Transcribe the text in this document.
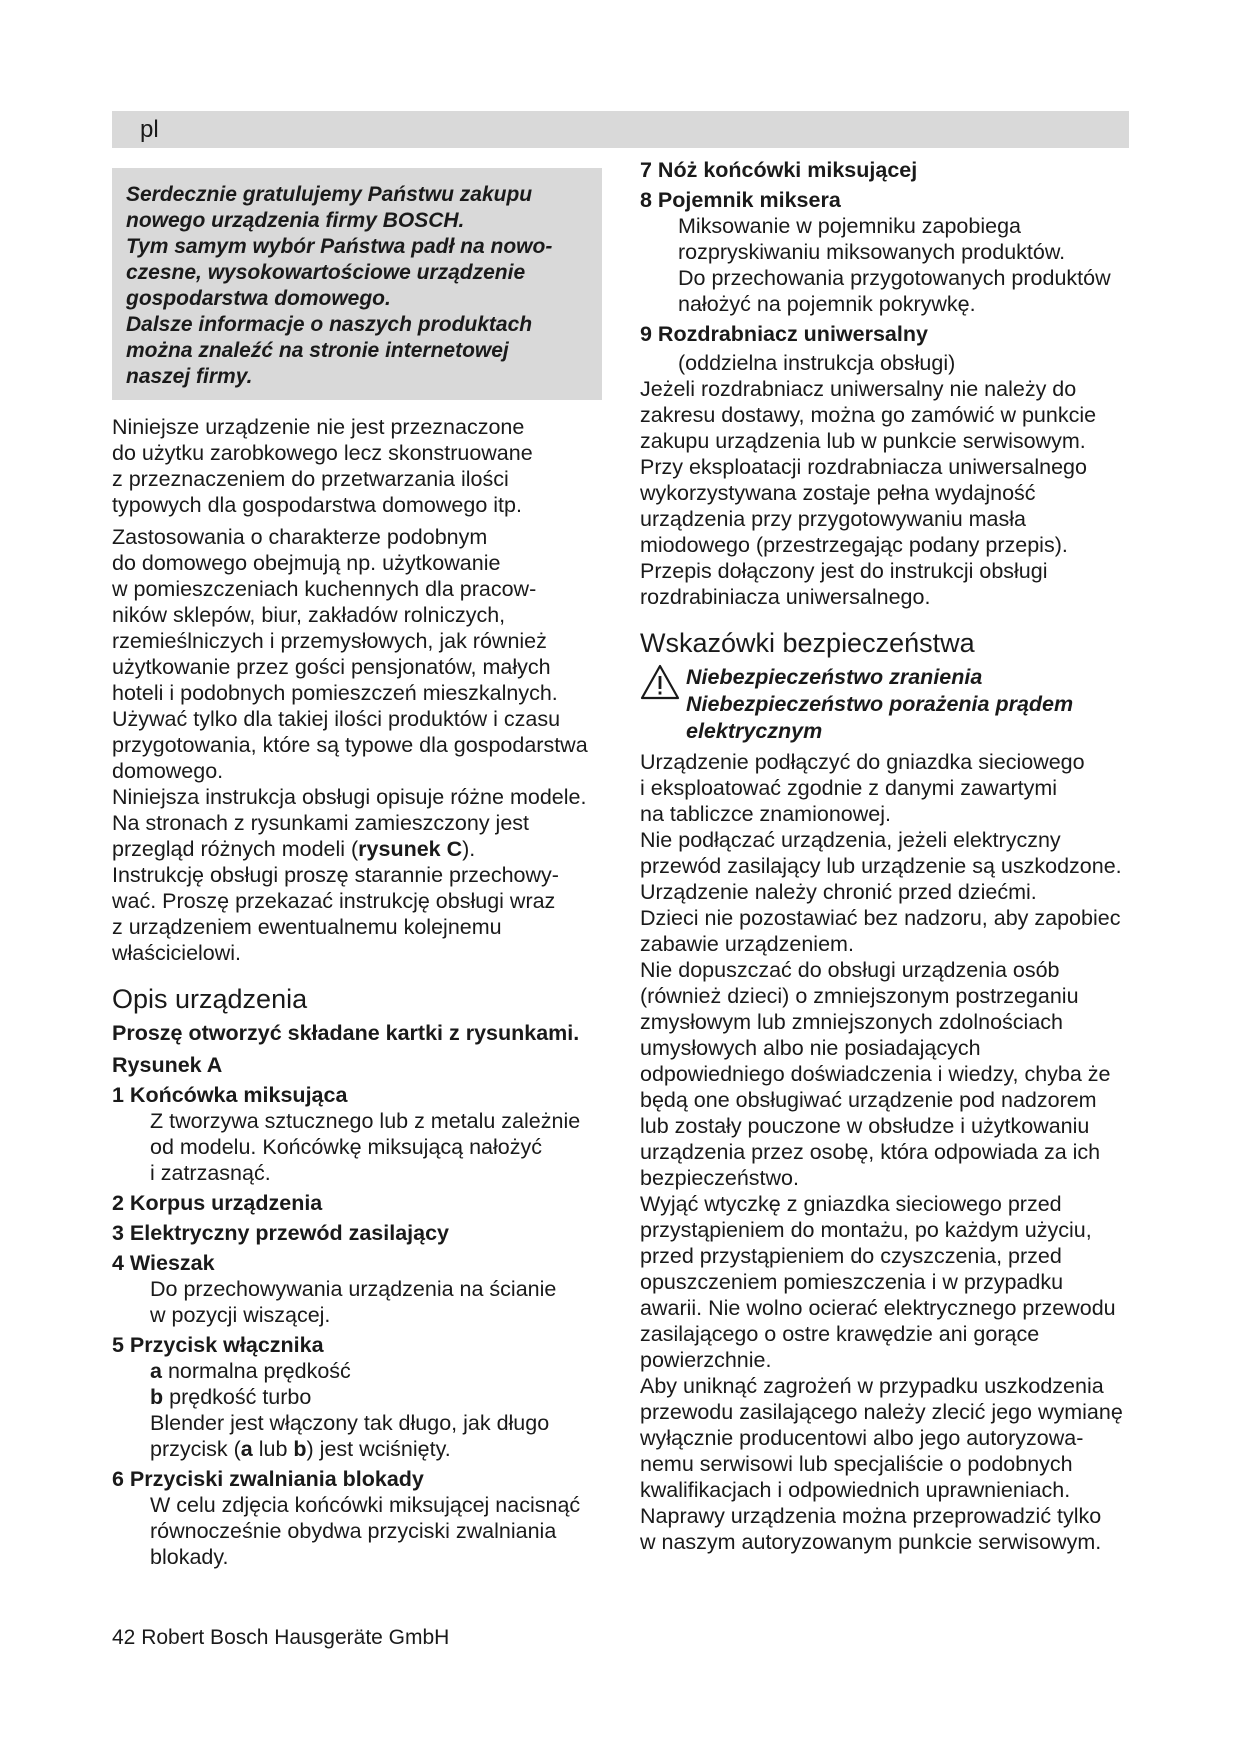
pl
Serdecznie gratulujemy Państwu zakupu
nowego urządzenia firmy BOSCH.
Tym samym wybór Państwa padł na nowo-
czesne, wysokowartościowe urządzenie
gospodarstwa domowego.
Dalsze informacje o naszych produktach
można znaleźć na stronie internetowej
naszej firmy.
Niniejsze urządzenie nie jest przeznaczone
do użytku zarobkowego lecz skonstruowane
z przeznaczeniem do przetwarzania ilości
typowych dla gospodarstwa domowego itp.
Zastosowania o charakterze podobnym
do domowego obejmują np. użytkowanie
w pomieszczeniach kuchennych dla pracow-
ników sklepów, biur, zakładów rolniczych,
rzemieślniczych i przemysłowych, jak również
użytkowanie przez gości pensjonatów, małych
hoteli i podobnych pomieszczeń mieszkalnych.
Używać tylko dla takiej ilości produktów i czasu
przygotowania, które są typowe dla gospodarstwa
domowego.
Niniejsza instrukcja obsługi opisuje różne modele.
Na stronach z rysunkami zamieszczony jest
przegląd różnych modeli (rysunek C).
Instrukcję obsługi proszę starannie przechowy-
wać. Proszę przekazać instrukcję obsługi wraz
z urządzeniem ewentualnemu kolejnemu
właścicielowi.
Opis urządzenia
Proszę otworzyć składane kartki z rysunkami.
Rysunek A
1 Końcówka miksująca
Z tworzywa sztucznego lub z metalu zależnie
od modelu. Końcówkę miksującą nałożyć
i zatrzasnąć.
2 Korpus urządzenia
3 Elektryczny przewód zasilający
4 Wieszak
Do przechowywania urządzenia na ścianie
w pozycji wiszącej.
5 Przycisk włącznika
a normalna prędkość
b prędkość turbo
Blender jest włączony tak długo, jak długo
przycisk (a lub b) jest wciśnięty.
6 Przyciski zwalniania blokady
W celu zdjęcia końcówki miksującej nacisnąć
równocześnie obydwa przyciski zwalniania
blokady.
7 Nóż końcówki miksującej
8 Pojemnik miksera
Miksowanie w pojemniku zapobiega
rozpryskiwaniu miksowanych produktów.
Do przechowania przygotowanych produktów
nałożyć na pojemnik pokrywkę.
9 Rozdrabniacz uniwersalny
(oddzielna instrukcja obsługi)
Jeżeli rozdrabniacz uniwersalny nie należy do
zakresu dostawy, można go zamówić w punkcie
zakupu urządzenia lub w punkcie serwisowym.
Przy eksploatacji rozdrabniacza uniwersalnego
wykorzystywana zostaje pełna wydajność
urządzenia przy przygotowywaniu masła
miodowego (przestrzegając podany przepis).
Przepis dołączony jest do instrukcji obsługi
rozdrabiniacza uniwersalnego.
Wskazówki bezpieczeństwa
Niebezpieczeństwo zranienia
Niebezpieczeństwo porażenia prądem
elektrycznym
Urządzenie podłączyć do gniazdka sieciowego
i eksploatować zgodnie z danymi zawartymi
na tabliczce znamionowej.
Nie podłączać urządzenia, jeżeli elektryczny
przewód zasilający lub urządzenie są uszkodzone.
Urządzenie należy chronić przed dziećmi.
Dzieci nie pozostawiać bez nadzoru, aby zapobiec
zabawie urządzeniem.
Nie dopuszczać do obsługi urządzenia osób
(również dzieci) o zmniejszonym postrzeganiu
zmysłowym lub zmniejszonych zdolnościach
umysłowych albo nie posiadających
odpowiedniego doświadczenia i wiedzy, chyba że
będą one obsługiwać urządzenie pod nadzorem
lub zostały pouczone w obsłudze i użytkowaniu
urządzenia przez osobę, która odpowiada za ich
bezpieczeństwo.
Wyjąć wtyczkę z gniazdka sieciowego przed
przystąpieniem do montażu, po każdym użyciu,
przed przystąpieniem do czyszczenia, przed
opuszczeniem pomieszczenia i w przypadku
awarii. Nie wolno ocierać elektrycznego przewodu
zasilającego o ostre krawędzie ani gorące
powierzchnie.
Aby uniknąć zagrożeń w przypadku uszkodzenia
przewodu zasilającego należy zlecić jego wymianę
wyłącznie producentowi albo jego autoryzowa-
nemu serwisowi lub specjaliście o podobnych
kwalifikacjach i odpowiednich uprawnieniach.
Naprawy urządzenia można przeprowadzić tylko
w naszym autoryzowanym punkcie serwisowym.
42 Robert Bosch Hausgeräte GmbH
